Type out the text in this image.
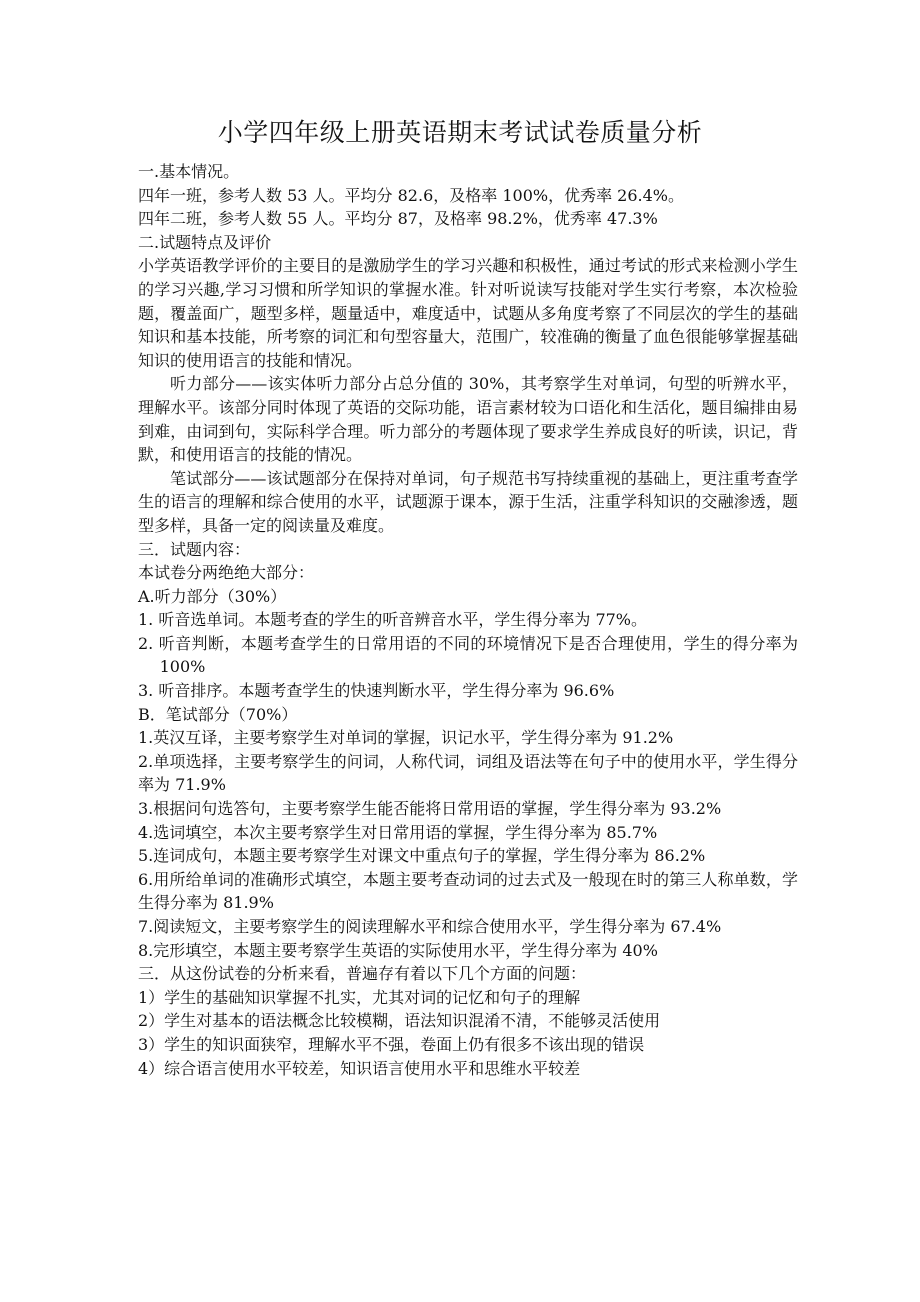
小学四年级上册英语期末考试试卷质量分析
一.基本情况。
四年一班，参考人数 53 人。平均分 82.6，及格率 100%，优秀率 26.4%。
四年二班，参考人数 55 人。平均分 87，及格率 98.2%，优秀率 47.3%
二.试题特点及评价
小学英语教学评价的主要目的是激励学生的学习兴趣和积极性，通过考试的形式来检测小学生的学习兴趣,学习习惯和所学知识的掌握水准。针对听说读写技能对学生实行考察，本次检验题，覆盖面广，题型多样，题量适中，难度适中，试题从多角度考察了不同层次的学生的基础知识和基本技能，所考察的词汇和句型容量大，范围广，较准确的衡量了血色很能够掌握基础知识的使用语言的技能和情况。
听力部分——该实体听力部分占总分值的 30%，其考察学生对单词，句型的听辨水平，理解水平。该部分同时体现了英语的交际功能，语言素材较为口语化和生活化，题目编排由易到难，由词到句，实际科学合理。听力部分的考题体现了要求学生养成良好的听读，识记，背默，和使用语言的技能的情况。
笔试部分——该试题部分在保持对单词，句子规范书写持续重视的基础上，更注重考查学生的语言的理解和综合使用的水平，试题源于课本，源于生活，注重学科知识的交融渗透，题型多样，具备一定的阅读量及难度。
三．试题内容：
本试卷分两绝绝大部分：
A.听力部分（30%）
1. 听音选单词。本题考查的学生的听音辨音水平，学生得分率为 77%。
2. 听音判断，本题考查学生的日常用语的不同的环境情况下是否合理使用，学生的得分率为 100%
3. 听音排序。本题考查学生的快速判断水平，学生得分率为 96.6%
B．笔试部分（70%）
1.英汉互译，主要考察学生对单词的掌握，识记水平，学生得分率为 91.2%
2.单项选择，主要考察学生的问词，人称代词，词组及语法等在句子中的使用水平，学生得分率为 71.9%
3.根据问句选答句，主要考察学生能否能将日常用语的掌握，学生得分率为 93.2%
4.选词填空，本次主要考察学生对日常用语的掌握，学生得分率为 85.7%
5.连词成句，本题主要考察学生对课文中重点句子的掌握，学生得分率为 86.2%
6.用所给单词的准确形式填空，本题主要考查动词的过去式及一般现在时的第三人称单数，学生得分率为 81.9%
7.阅读短文，主要考察学生的阅读理解水平和综合使用水平，学生得分率为 67.4%
8.完形填空，本题主要考察学生英语的实际使用水平，学生得分率为 40%
三．从这份试卷的分析来看，普遍存有着以下几个方面的问题：
1）学生的基础知识掌握不扎实，尤其对词的记忆和句子的理解
2）学生对基本的语法概念比较模糊，语法知识混淆不清，不能够灵活使用
3）学生的知识面狭窄，理解水平不强，卷面上仍有很多不该出现的错误
4）综合语言使用水平较差，知识语言使用水平和思维水平较差
